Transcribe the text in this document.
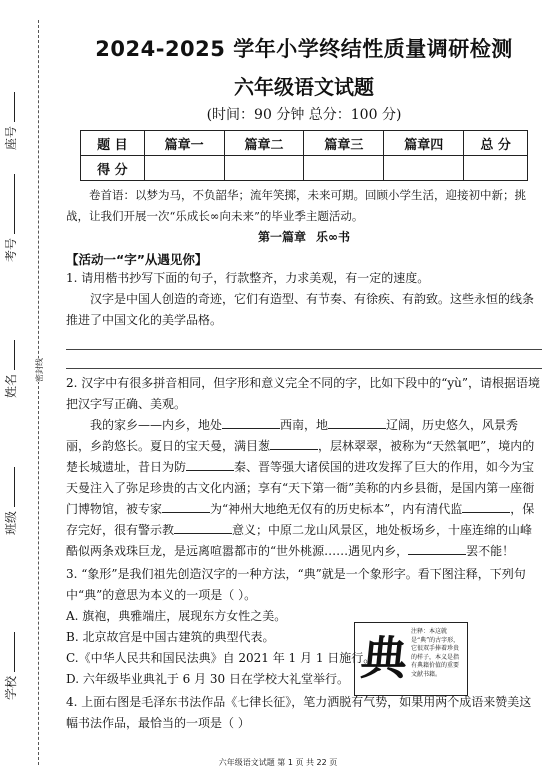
座号
考号
姓名
密封线
班级
学校
2024-2025 学年小学终结性质量调研检测
六年级语文试题
(时间：90 分钟 总分：100 分)
题 目	篇章一	篇章二	篇章三	篇章四	总 分
得 分					

卷首语：以梦为马，不负韶华；流年笑掷，未来可期。回顾小学生活，迎接初中新；挑战，让我们开展一次“乐成长∞向未来”的毕业季主题活动。

第一篇章 乐∞书

【活动一“字”从遇见你】

1. 请用楷书抄写下面的句子，行款整齐，力求美观，有一定的速度。

汉字是中国人创造的奇迹，它们有造型、有节奏、有徐疾、有韵致。这些永恒的线条推进了中国文化的美学品格。

2. 汉字中有很多拼音相同，但字形和意义完全不同的字，比如下段中的“yù”，请根据语境把汉字写正确、美观。

我的家乡——内乡，地处	西南，地	辽阔，历史悠久，风景秀丽，乡韵悠长。夏日的宝天曼，满目葱	，层林翠翠，被称为“天然氧吧”，境内的楚长城遗址，昔日为防	秦、晋等强大诸侯国的进攻发挥了巨大的作用，如今为宝天曼注入了弥足珍贵的古文化内涵；享有“天下第一衙”美称的内乡县衙，是国内第一座衙门博物馆，被专家	为“神州大地绝无仅有的历史标本”，内有清代监	，保存完好，很有警示教	意义；中原二龙山风景区，地处板场乡，十座连绵的山峰酷似两条戏珠巨龙，是远离喧嚣都市的“世外桃源……遇见内乡，	罢不能！

3. “象形”是我们祖先创造汉字的一种方法，“典”就是一个象形字。看下图注释，下列句中“典”的意思为本义的一项是（ ）。

A. 旗袍，典雅端庄，展现东方女性之美。

B. 北京故宫是中国古建筑的典型代表。

C.《中华人民共和国民法典》自 2021 年 1 月 1 日施行。

D. 六年级毕业典礼于 6 月 30 日在学校大礼堂举行。

4. 上面右图是毛泽东书法作品《七律长征》，笔力洒脱有气势，如果用两个成语来赞美这幅书法作品，最恰当的一项是（ ）

典 注释：本这就是“典”的古字形，它很双手捧着珍贵的样子，本义是指有典籍价值的重要文献书籍。
六年级语文试题 第 1 页 共 22 页
